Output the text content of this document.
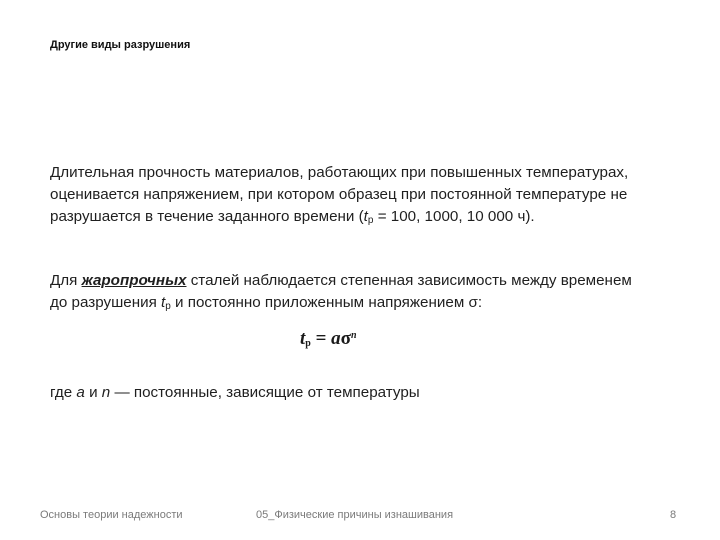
Другие виды разрушения
Длительная прочность материалов, работающих при повышенных температурах, оценивается напряжением, при котором образец при постоянной температуре не разрушается в течение заданного времени ($t_р = 100$, 1000, 10 000 ч).
Для жаропрочных сталей наблюдается степенная зависимость между временем до разрушения $t_р$ и постоянно приложенным напряжением σ:
$t_р = a\sigma^n$
где a и n — постоянные, зависящие от температуры
Основы теории надежности	05_Физические причины изнашивания	8
